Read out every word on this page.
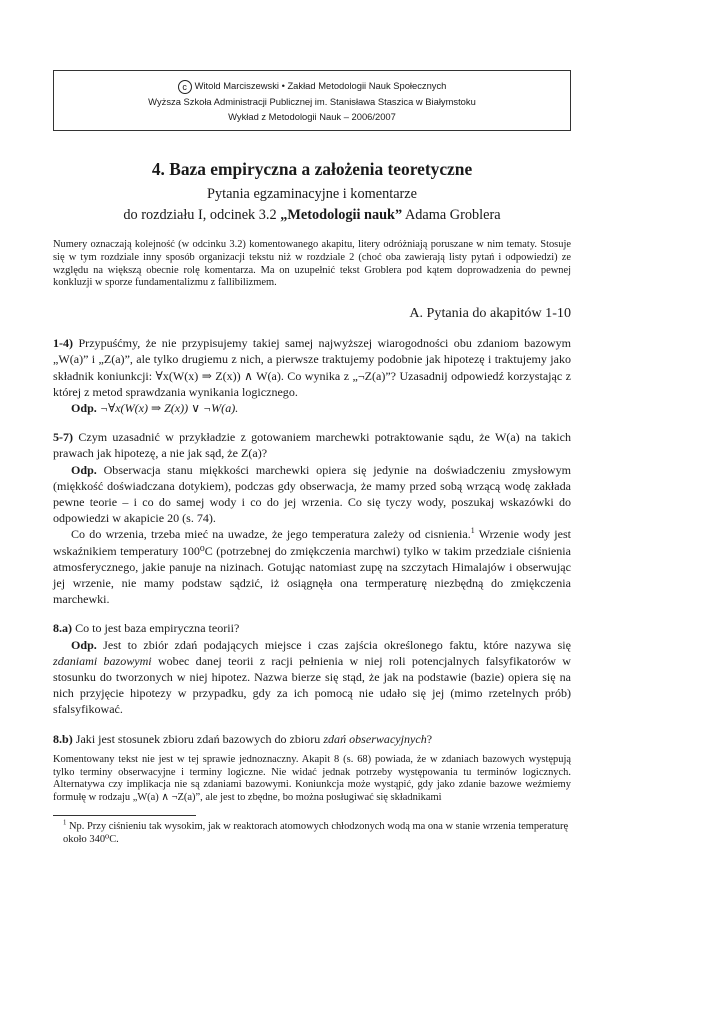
c Witold Marciszewski • Zakład Metodologii Nauk Społecznych
Wyższa Szkoła Administracji Publicznej im. Stanisława Staszica w Białymstoku
Wykład z Metodologii Nauk – 2006/2007
4. Baza empiryczna a założenia teoretyczne
Pytania egzaminacyjne i komentarze
do rozdziału I, odcinek 3.2 „Metodologii nauk” Adama Groblera

Numery oznaczają kolejność (w odcinku 3.2) komentowanego akapitu, litery odróżniają poruszane w nim tematy. Stosuje się w tym rozdziale inny sposób organizacji tekstu niż w rozdziale 2 (choć oba zawierają listy pytań i odpowiedzi) ze względu na większą obecnie rolę komentarza. Ma on uzupełnić tekst Groblera pod kątem doprowadzenia do pewnej konkluzji w sporze fundamentalizmu z fallibilizmem.

A. Pytania do akapitów 1-10

1-4) Przypuśćmy, że nie przypisujemy takiej samej najwyższej wiarogodności obu zdaniom bazowym „W(a)” i „Z(a)”, ale tylko drugiemu z nich, a pierwsze traktujemy podobnie jak hipotezę i traktujemy jako składnik koniunkcji: ∀x(W(x) ⇒ Z(x)) ∧ W(a). Co wynika z „¬Z(a)”? Uzasadnij odpowiedź korzystając z której z metod sprawdzania wynikania logicznego.

Odp. ¬∀x(W(x) ⇒ Z(x)) ∨ ¬W(a).

5-7) Czym uzasadnić w przykładzie z gotowaniem marchewki potraktowanie sądu, że W(a) na takich prawach jak hipotezę, a nie jak sąd, że Z(a)?

Odp. Obserwacja stanu miękkości marchewki opiera się jedynie na doświadczeniu zmysłowym (miękkość doświadczana dotykiem), podczas gdy obserwacja, że mamy przed sobą wrzącą wodę zakłada pewne teorie – i co do samej wody i co do jej wrzenia. Co się tyczy wody, poszukaj wskazówki do odpowiedzi w akapicie 20 (s. 74).

Co do wrzenia, trzeba mieć na uwadze, że jego temperatura zależy od cisnienia.$^1$ Wrzenie wody jest wskaźnikiem temperatury 100⁰C (potrzebnej do zmiękczenia marchwi) tylko w takim przedziale ciśnienia atmosferycznego, jakie panuje na nizinach. Gotując natomiast zupę na szczytach Himalajów i obserwując jej wrzenie, nie mamy podstaw sądzić, iż osiągnęła ona termperaturę niezbędną do zmiękczenia marchewki.

8.a) Co to jest baza empiryczna teorii?

Odp. Jest to zbiór zdań podających miejsce i czas zajścia określonego faktu, które nazywa się zdaniami bazowymi wobec danej teorii z racji pełnienia w niej roli potencjalnych falsyfikatorów w stosunku do tworzonych w niej hipotez. Nazwa bierze się stąd, że jak na podstawie (bazie) opiera się na nich przyjęcie hipotezy w przypadku, gdy za ich pomocą nie udało się jej (mimo rzetelnych prób) sfalsyfikować.

8.b) Jaki jest stosunek zbioru zdań bazowych do zbioru zdań obserwacyjnych?

Komentowany tekst nie jest w tej sprawie jednoznaczny. Akapit 8 (s. 68) powiada, że w zdaniach bazowych występują tylko terminy obserwacyjne i terminy logiczne. Nie widać jednak potrzeby występowania tu terminów logicznych. Alternatywa czy implikacja nie są zdaniami bazowymi. Koniunkcja może wystąpić, gdy jako zdanie bazowe weźmiemy formułę w rodzaju „W(a) ∧ ¬Z(a)”, ale jest to zbędne, bo można posługiwać się składnikami

$^1$ Np. Przy ciśnieniu tak wysokim, jak w reaktorach atomowych chłodzonych wodą ma ona w stanie wrzenia temperaturę około 340⁰C.
